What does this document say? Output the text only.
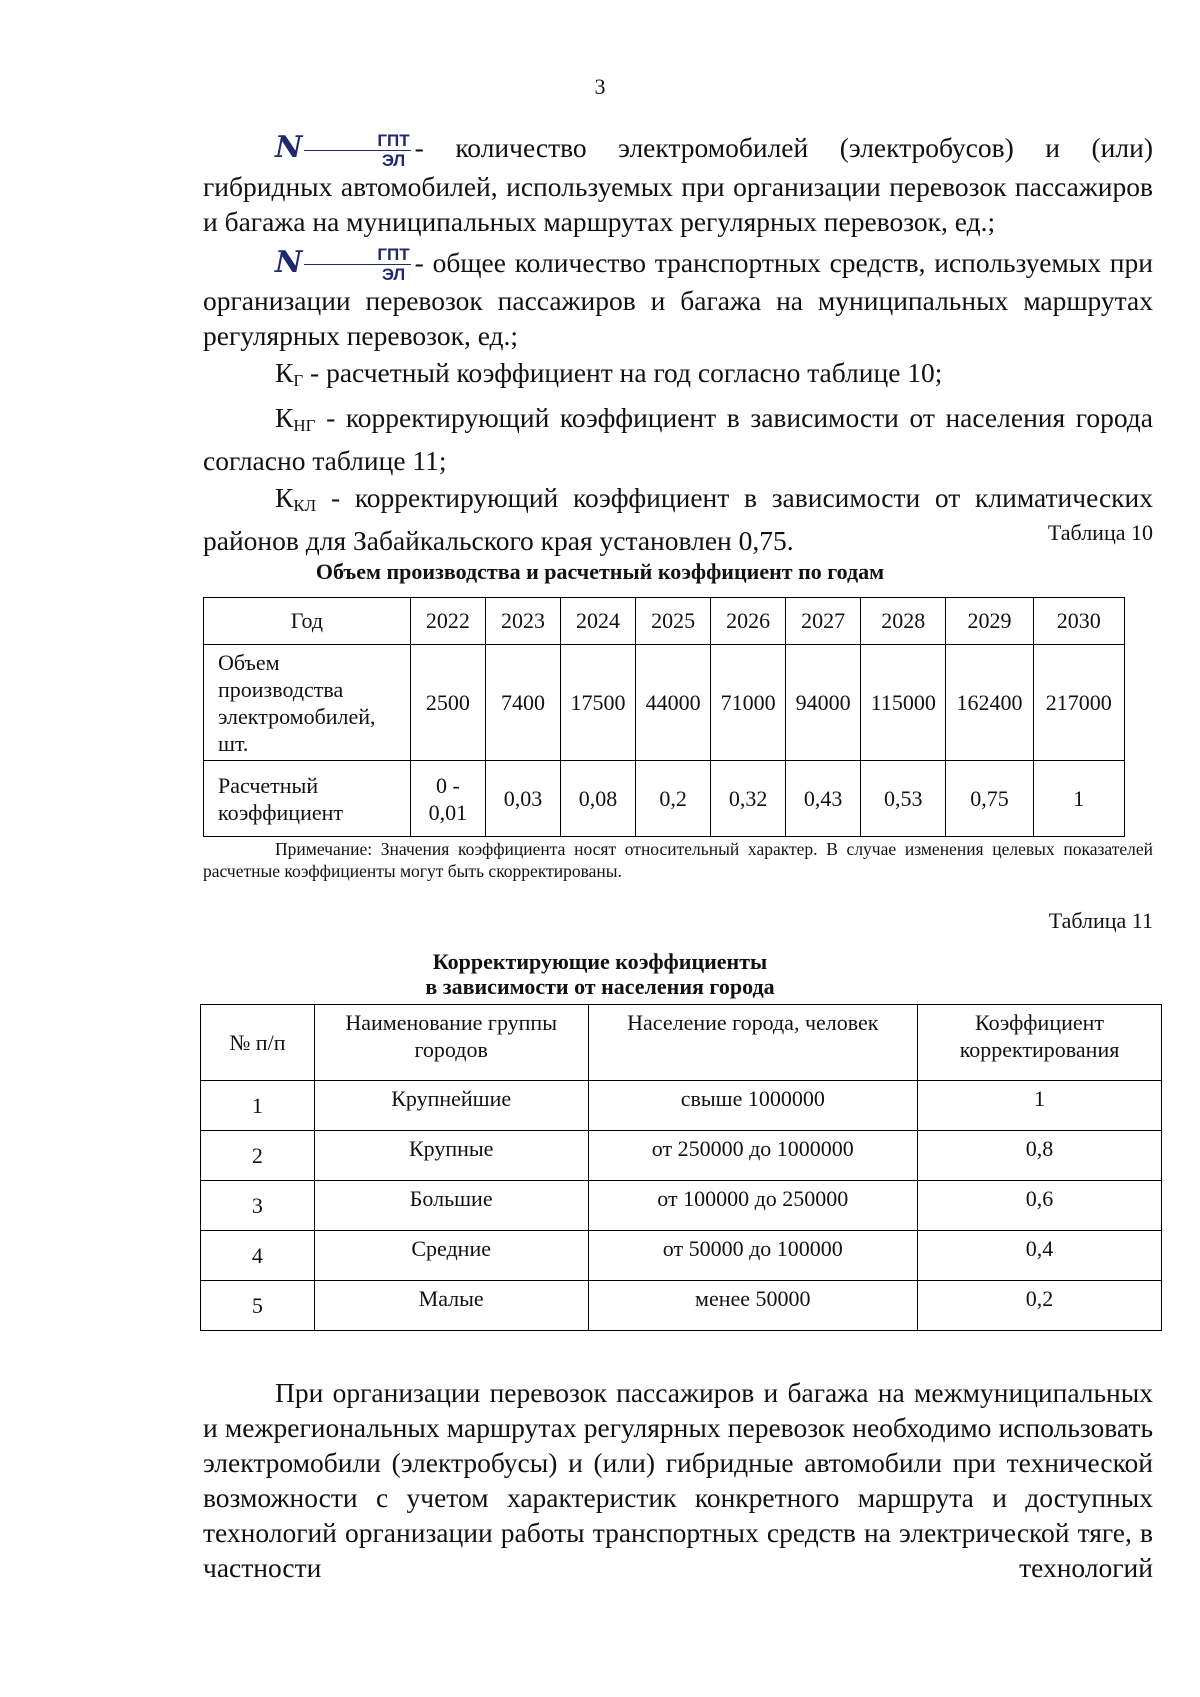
3

N $\frac{\text{ГПТ}}{ЭЛ}$ - количество электромобилей (электробусов) и (или) гибридных автомобилей, используемых при организации перевозок пассажиров и багажа на муниципальных маршрутах регулярных перевозок, ед.;

N $\frac{\text{ГПТ}}{ЭЛ}$ - общее количество транспортных средств, используемых при организации перевозок пассажиров и багажа на муниципальных маршрутах регулярных перевозок, ед.;

$К_Г$ - расчетный коэффициент на год согласно таблице 10;

$К_{НГ}$ - корректирующий коэффициент в зависимости от населения города согласно таблице 11;

$К_{КЛ}$ - корректирующий коэффициент в зависимости от климатических районов для Забайкальского края установлен 0,75.	Таблица 10
Объем производства и расчетный коэффициент по годам
Год	2022	2023	2024	2025	2026	2027	2028	2029	2030
Объем производства электромобилей, шт.	2500	7400	17500	44000	71000	94000	115000	162400	217000
Расчетный коэффициент	0 - 0,01	0,03	0,08	0,2	0,32	0,43	0,53	0,75	1
Примечание: Значения коэффициента носят относительный характер. В случае изменения целевых показателей расчетные коэффициенты могут быть скорректированы.
Таблица 11
Корректирующие коэффициенты
в зависимости от населения города
№ п/п	Наименование группы городов	Население города, человек	Коэффициент корректирования
1	Крупнейшие	свыше 1000000	1
2	Крупные	от 250000 до 1000000	0,8
3	Большие	от 100000 до 250000	0,6
4	Средние	от 50000 до 100000	0,4
5	Малые	менее 50000	0,2

При организации перевозок пассажиров и багажа на межмуниципальных и межрегиональных маршрутах регулярных перевозок необходимо использовать электромобили (электробусы) и (или) гибридные автомобили при технической возможности с учетом характеристик конкретного маршрута и доступных технологий организации работы транспортных средств на электрической тяге, в частности технологий
